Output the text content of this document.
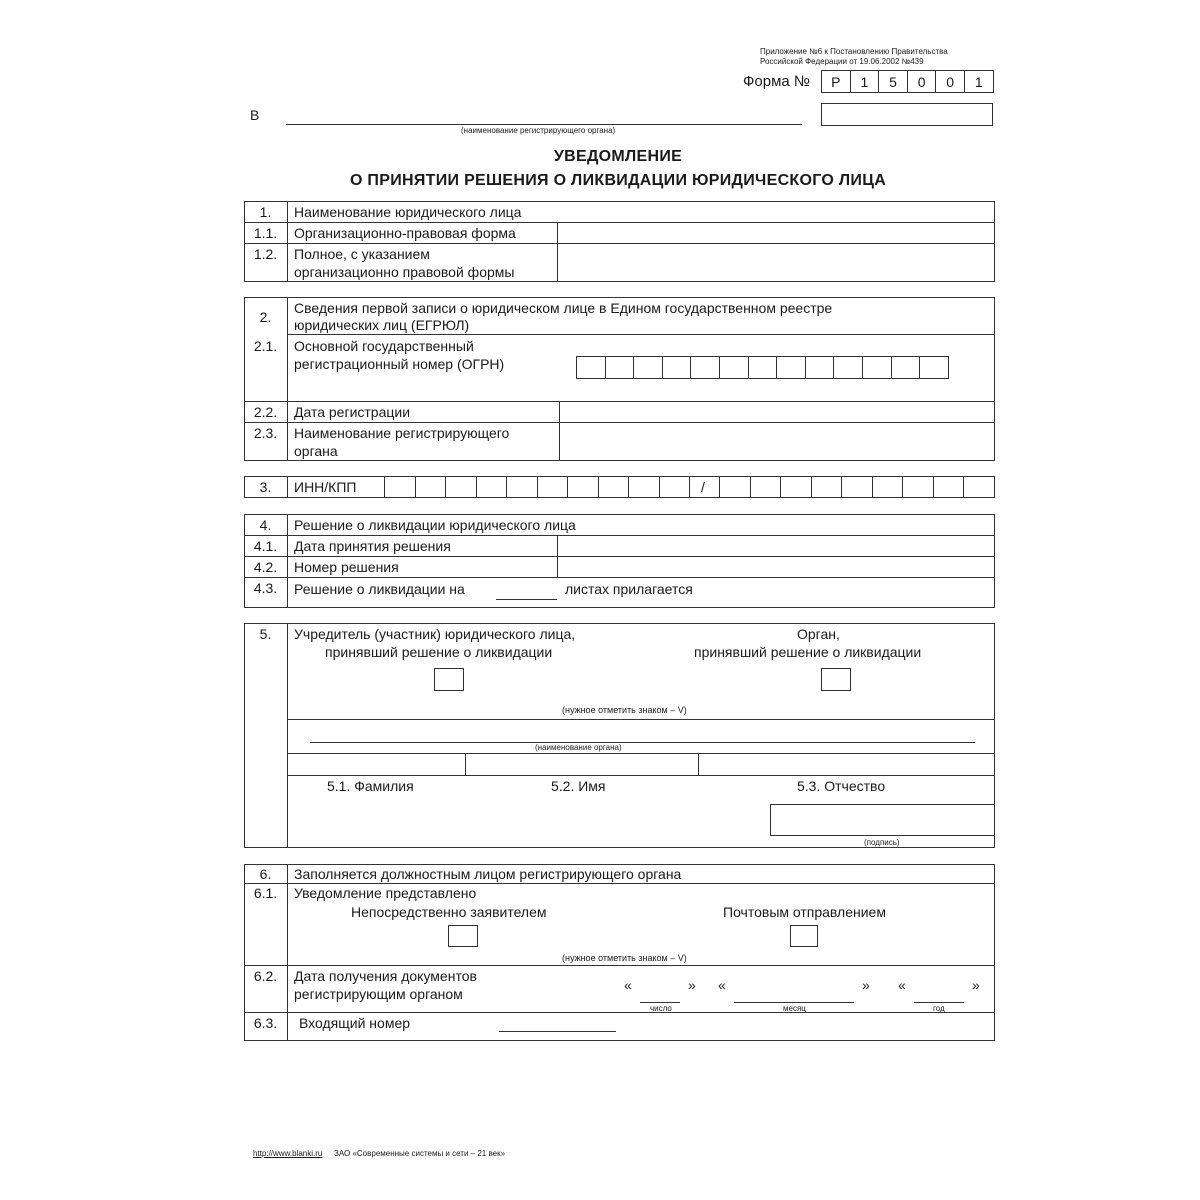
Приложение №6 к Постановлению Правительства
Российской Федерации от 19.06.2002 №439
Форма №	Р	1	5	0	0	1
В
(наименование регистрирующего органа)
УВЕДОМЛЕНИЕ
О ПРИНЯТИИ РЕШЕНИЯ О ЛИКВИДАЦИИ ЮРИДИЧЕСКОГО ЛИЦА
1.	Наименование юридического лица
1.1.	Организационно-правовая форма
1.2.	Полное, с указанием
организационно правовой формы
2.
Сведения первой записи о юридическом лице в Едином государственном реестре
юридических лиц (ЕГРЮЛ)
2.1.	Основной государственный
регистрационный номер (ОГРН)
2.2.	Дата регистрации
2.3.	Наименование регистрирующего
органа
3.	ИНН/КПП	/
4.	Решение о ликвидации юридического лица
4.1.	Дата принятия решения
4.2.	Номер решения
4.3.	Решение о ликвидации на	листах прилагается
5.	Учредитель (участник) юридического лица,
принявший решение о ликвидации
Орган,
принявший решение о ликвидации
(нужное отметить знаком – V)
(наименование органа)
5.1. Фамилия	5.2. Имя	5.3. Отчество
(подпись)
6.	Заполняется должностным лицом регистрирующего органа
6.1.	Уведомление представлено
Непосредственно заявителем	Почтовым отправлением
(нужное отметить знаком – V)
6.2.	Дата получения документов
регистрирующим органом
«	»
число
«	»
месяц
«	»
год
6.3.	Входящий номер
http://www.blanki.ru ЗАО «Современные системы и сети – 21 век»
